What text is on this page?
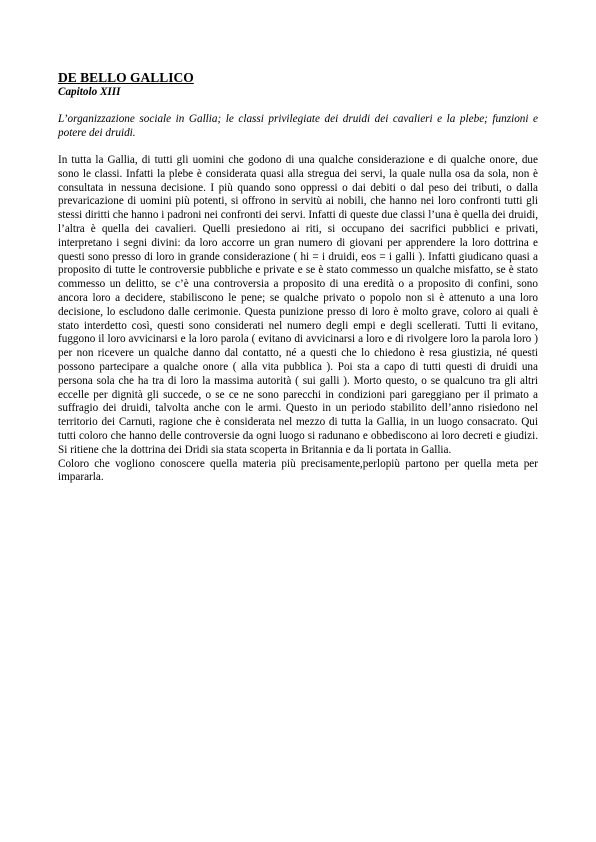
DE BELLO GALLICO
Capitolo XIII

L’organizzazione sociale in Gallia; le classi privilegiate dei druidi dei cavalieri e la plebe; funzioni e potere dei druidi.

In tutta la Gallia, di tutti gli uomini che godono di una qualche considerazione e di qualche onore, due sono le classi. Infatti la plebe è considerata quasi alla stregua dei servi, la quale nulla osa da sola, non è consultata in nessuna decisione. I più quando sono oppressi o dai debiti o dal peso dei tributi, o dalla prevaricazione di uomini più potenti, si offrono in servitù ai nobili, che hanno nei loro confronti tutti gli stessi diritti che hanno i padroni nei confronti dei servi. Infatti di queste due classi l’una è quella dei druidi, l’altra è quella dei cavalieri. Quelli presiedono ai riti, si occupano dei sacrifici pubblici e privati, interpretano i segni divini: da loro accorre un gran numero di giovani per apprendere la loro dottrina e questi sono presso di loro in grande considerazione ( hi = i druidi, eos = i galli ). Infatti giudicano quasi a proposito di tutte le controversie pubbliche e private e se è stato commesso un qualche misfatto, se è stato commesso un delitto, se c’è una controversia a proposito di una eredità o a proposito di confini, sono ancora loro a decidere, stabiliscono le pene; se qualche privato o popolo non si è attenuto a una loro decisione, lo escludono dalle cerimonie. Questa punizione presso di loro è molto grave, coloro ai quali è stato interdetto così, questi sono considerati nel numero degli empi e degli scellerati. Tutti li evitano, fuggono il loro avvicinarsi e la loro parola ( evitano di avvicinarsi a loro e di rivolgere loro la parola loro ) per non ricevere un qualche danno dal contatto, né a questi che lo chiedono è resa giustizia, né questi possono partecipare a qualche onore ( alla vita pubblica ). Poi sta a capo di tutti questi di druidi una persona sola che ha tra di loro la massima autorità ( sui galli ). Morto questo, o se qualcuno tra gli altri eccelle per dignità gli succede, o se ce ne sono parecchi in condizioni pari gareggiano per il primato a suffragio dei druidi, talvolta anche con le armi. Questo in un periodo stabilito dell’anno risiedono nel territorio dei Carnuti, ragione che è considerata nel mezzo di tutta la Gallia, in un luogo consacrato. Qui tutti coloro che hanno delle controversie da ogni luogo si radunano e obbediscono ai loro decreti e giudizi. Si ritiene che la dottrina dei Dridi sia stata scoperta in Britannia e da li portata in Gallia.

Coloro che vogliono conoscere quella materia più precisamente,perlopiù partono per quella meta per impararla.
